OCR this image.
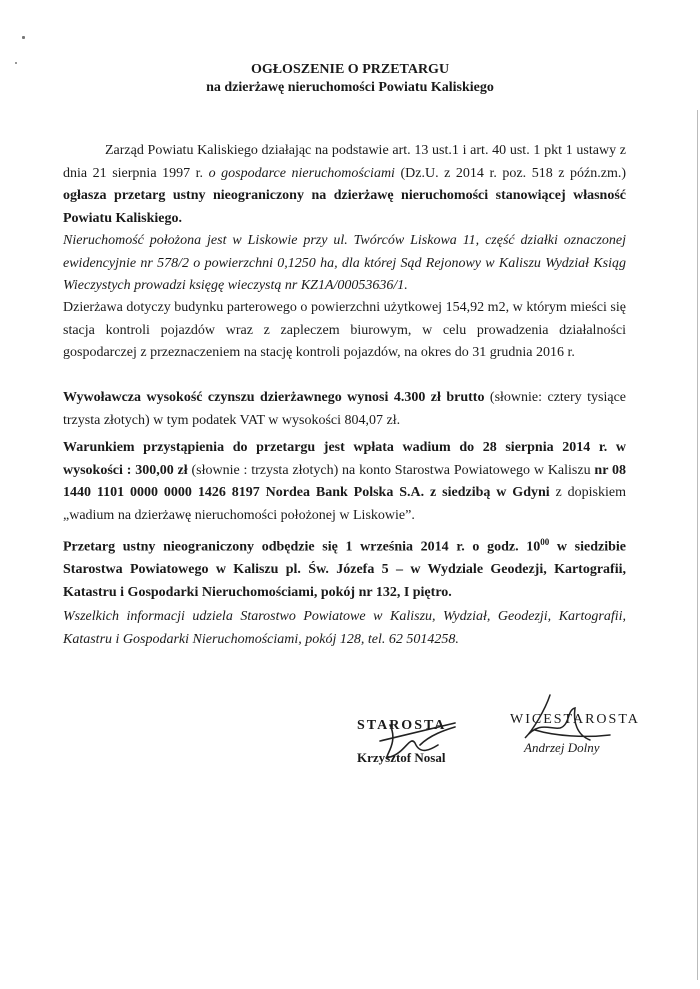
OGŁOSZENIE O PRZETARGU
na dzierżawę nieruchomości Powiatu Kaliskiego

Zarząd Powiatu Kaliskiego działając na podstawie art. 13 ust.1 i art. 40 ust. 1 pkt 1 ustawy z dnia 21 sierpnia 1997 r. o gospodarce nieruchomościami (Dz.U. z 2014 r. poz. 518 z późn.zm.) ogłasza przetarg ustny nieograniczony na dzierżawę nieruchomości stanowiącej własność Powiatu Kaliskiego.

Nieruchomość położona jest w Liskowie przy ul. Twórców Liskowa 11, część działki oznaczonej ewidencyjnie nr 578/2 o powierzchni 0,1250 ha, dla której Sąd Rejonowy w Kaliszu Wydział Ksiąg Wieczystych prowadzi księgę wieczystą nr KZ1A/00053636/1.

Dzierżawa dotyczy budynku parterowego o powierzchni użytkowej 154,92 m2, w którym mieści się stacja kontroli pojazdów wraz z zapleczem biurowym, w celu prowadzenia działalności gospodarczej z przeznaczeniem na stację kontroli pojazdów, na okres do 31 grudnia 2016 r.

Wywoławcza wysokość czynszu dzierżawnego wynosi 4.300 zł brutto (słownie: cztery tysiące trzysta złotych) w tym podatek VAT w wysokości 804,07 zł.

Warunkiem przystąpienia do przetargu jest wpłata wadium do 28 sierpnia 2014 r. w wysokości : 300,00 zł (słownie : trzysta złotych) na konto Starostwa Powiatowego w Kaliszu nr 08 1440 1101 0000 0000 1426 8197 Nordea Bank Polska S.A. z siedzibą w Gdyni z dopiskiem „wadium na dzierżawę nieruchomości położonej w Liskowie”.

Przetarg ustny nieograniczony odbędzie się 1 września 2014 r. o godz. $10^{00}$ w siedzibie Starostwa Powiatowego w Kaliszu pl. Św. Józefa 5 – w Wydziale Geodezji, Kartografii, Katastru i Gospodarki Nieruchomościami, pokój nr 132, I piętro.

Wszelkich informacji udziela Starostwo Powiatowe w Kaliszu, Wydział, Geodezji, Kartografii, Katastru i Gospodarki Nieruchomościami, pokój 128, tel. 62 5014258.

STAROSTA
Krzysztof Nosal
WICESTAROSTA
Andrzej Dolny
